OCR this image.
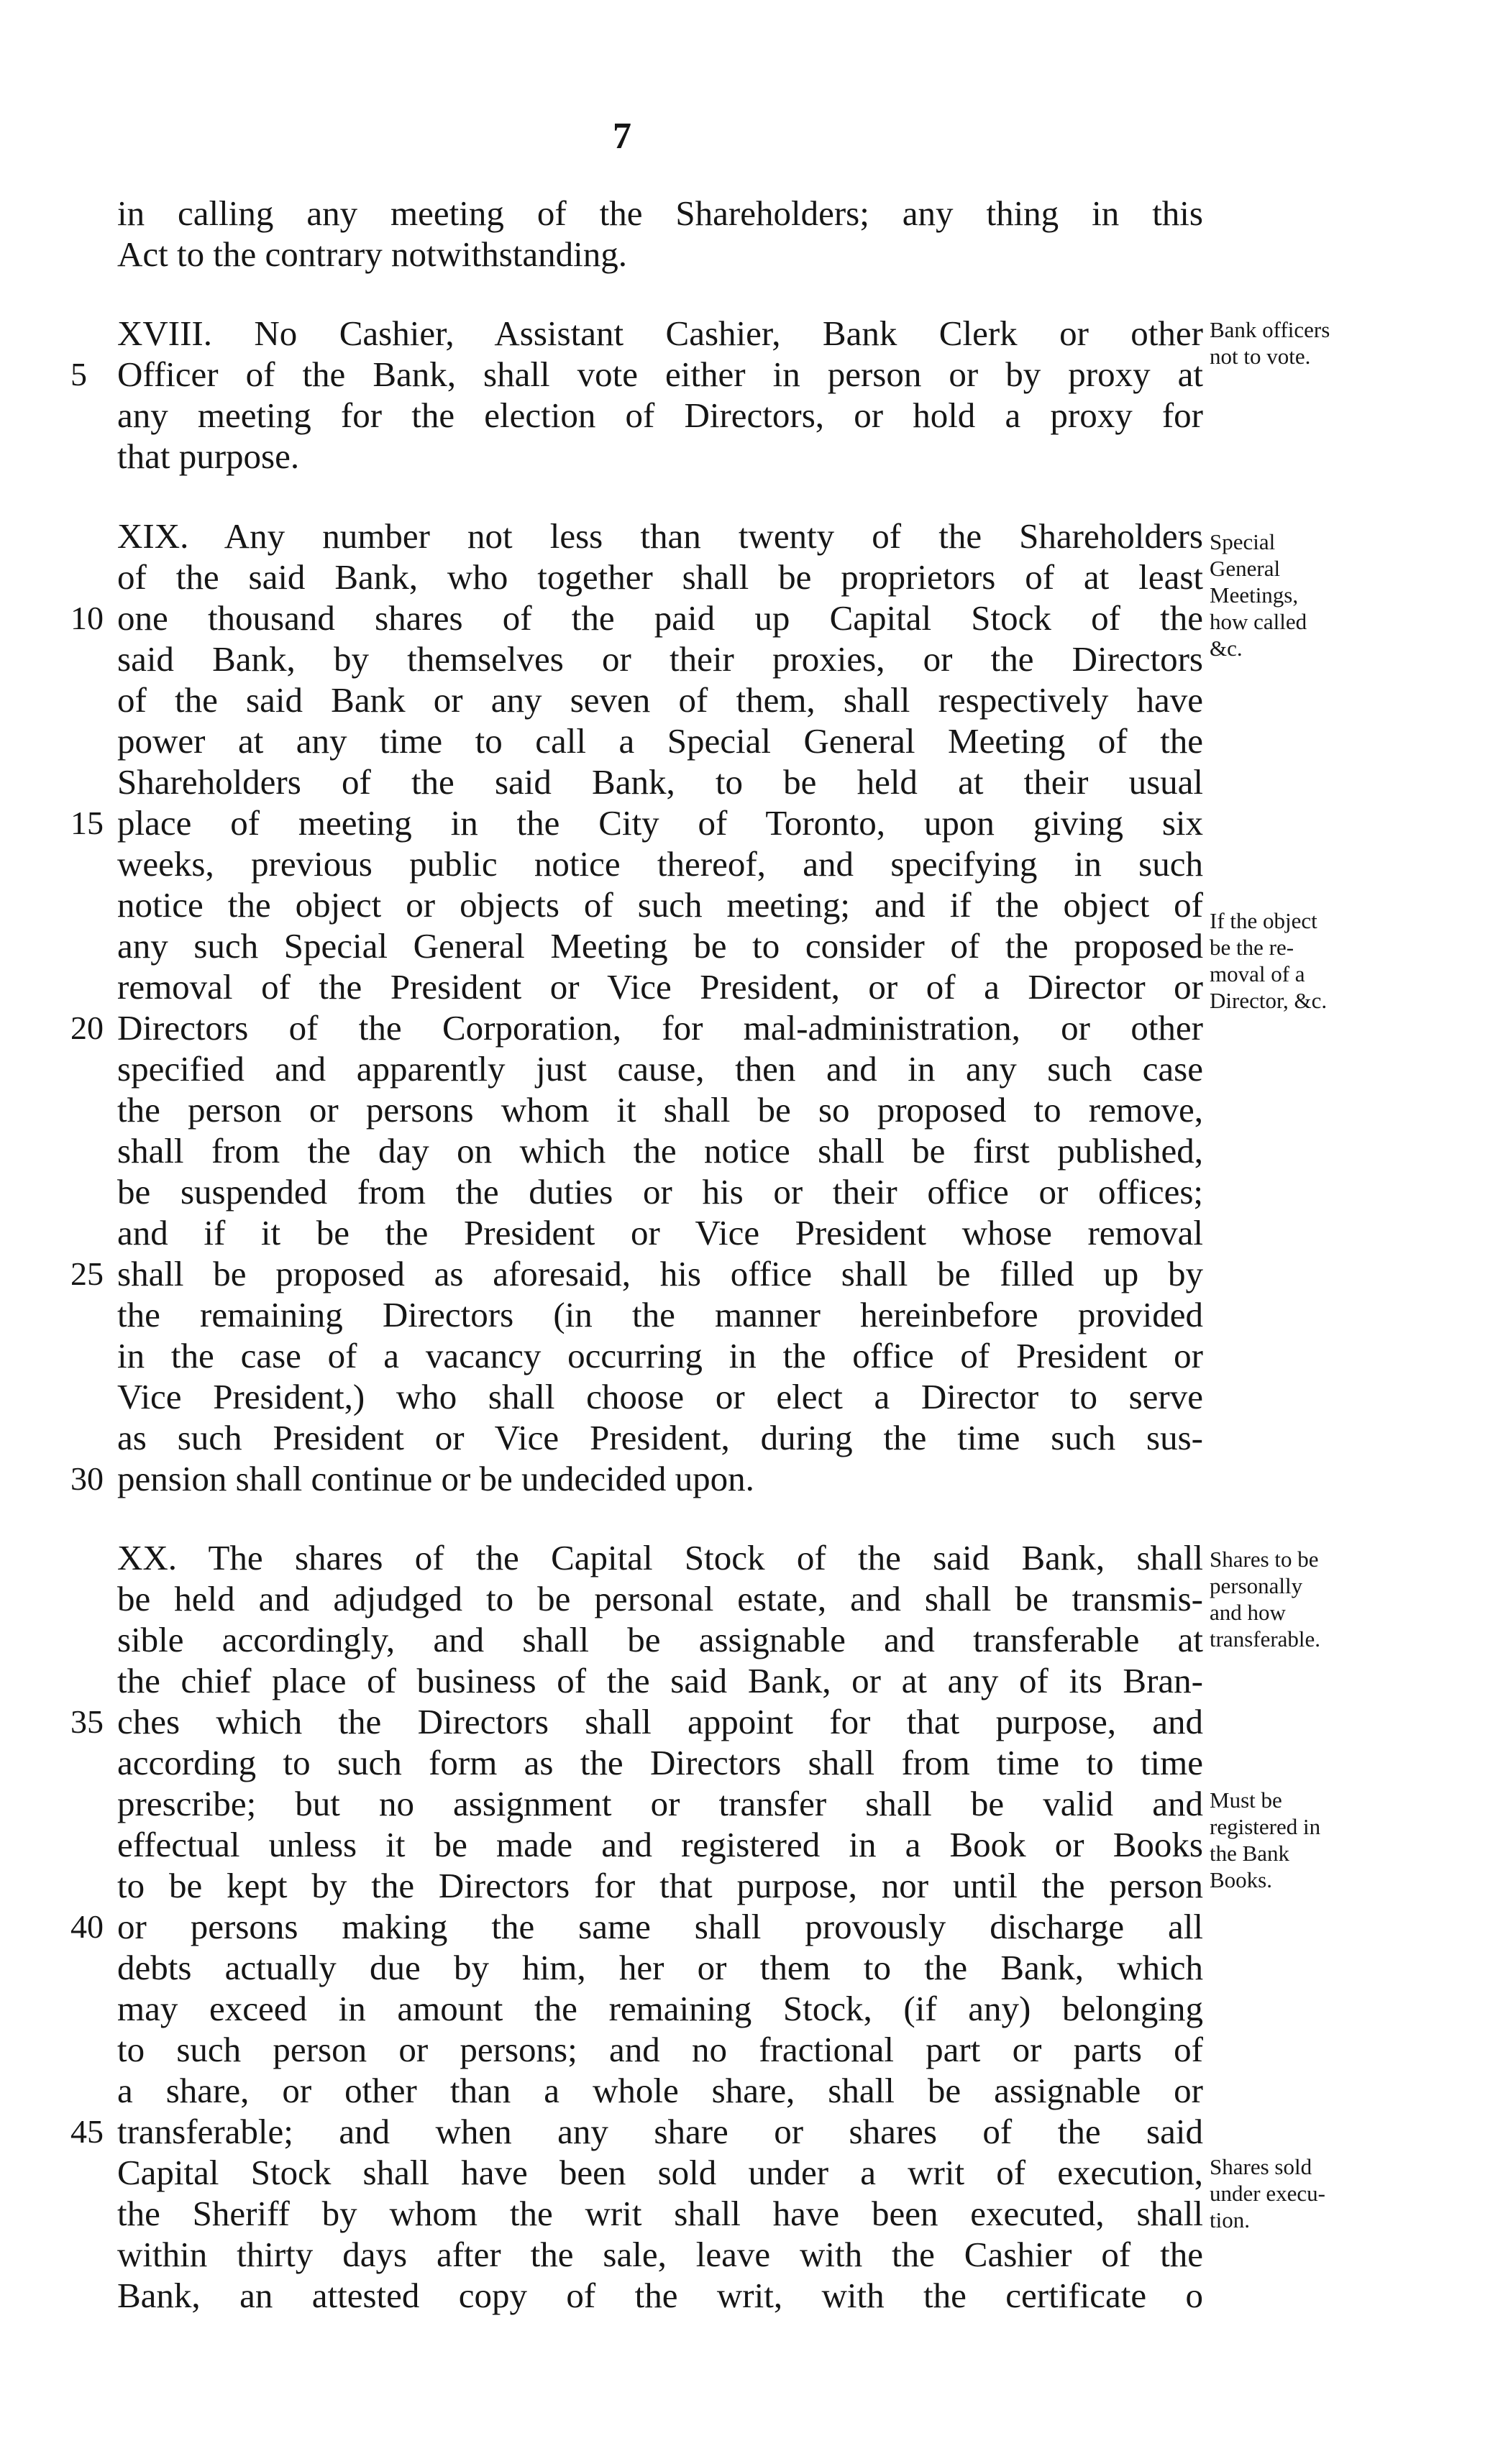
7
in calling any meeting of the Shareholders; any thing in this
Act to the contrary notwithstanding.
XVIII. No Cashier, Assistant Cashier, Bank Clerk or other
Officer of the Bank, shall vote either in person or by proxy at
5
any meeting for the election of Directors, or hold a proxy for
that purpose.
XIX. Any number not less than twenty of the Shareholders
of the said Bank, who together shall be proprietors of at least
one thousand shares of the paid up Capital Stock of the
10
said Bank, by themselves or their proxies, or the Directors
of the said Bank or any seven of them, shall respectively have
power at any time to call a Special General Meeting of the
Shareholders of the said Bank, to be held at their usual
place of meeting in the City of Toronto, upon giving six
15
weeks, previous public notice thereof, and specifying in such
notice the object or objects of such meeting; and if the object of
any such Special General Meeting be to consider of the proposed
removal of the President or Vice President, or of a Director or
Directors of the Corporation, for mal-administration, or other
20
specified and apparently just cause, then and in any such case
the person or persons whom it shall be so proposed to remove,
shall from the day on which the notice shall be first published,
be suspended from the duties or his or their office or offices;
and if it be the President or Vice President whose removal
shall be proposed as aforesaid, his office shall be filled up by
25
the remaining Directors (in the manner hereinbefore provided
in the case of a vacancy occurring in the office of President or
Vice President,) who shall choose or elect a Director to serve
as such President or Vice President, during the time such sus-
pension shall continue or be undecided upon.
30
XX. The shares of the Capital Stock of the said Bank, shall
be held and adjudged to be personal estate, and shall be transmis-
sible accordingly, and shall be assignable and transferable at
the chief place of business of the said Bank, or at any of its Bran-
ches which the Directors shall appoint for that purpose, and
35
according to such form as the Directors shall from time to time
prescribe; but no assignment or transfer shall be valid and
effectual unless it be made and registered in a Book or Books
to be kept by the Directors for that purpose, nor until the person
or persons making the same shall provously discharge all
40
debts actually due by him, her or them to the Bank, which
may exceed in amount the remaining Stock, (if any) belonging
to such person or persons; and no fractional part or parts of
a share, or other than a whole share, shall be assignable or
transferable; and when any share or shares of the said
45
Capital Stock shall have been sold under a writ of execution,
the Sheriff by whom the writ shall have been executed, shall
within thirty days after the sale, leave with the Cashier of the
Bank, an attested copy of the writ, with the certificate o
Bank officers
not to vote.
Special
General
Meetings,
how called
&c.
If the object
be the re-
moval of a
Director, &c.
Shares to be
personally
and how
transferable.
Must be
registered in
the Bank
Books.
Shares sold
under execu-
tion.
